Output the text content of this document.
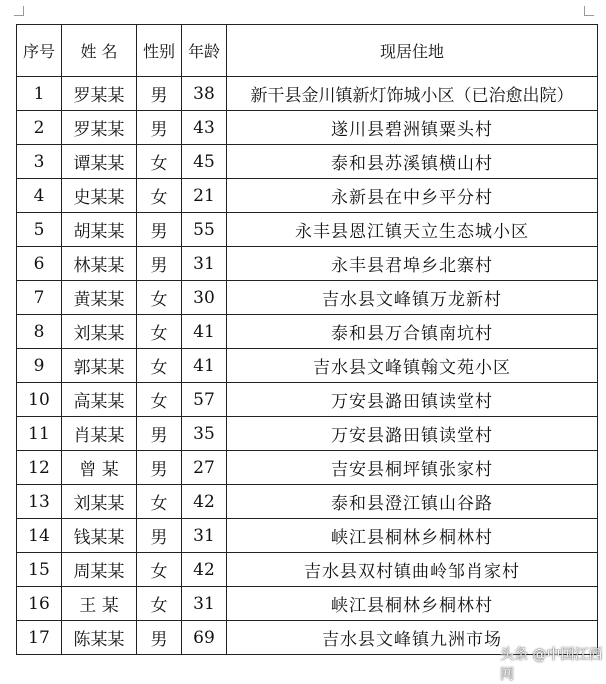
序号	姓 名	性别	年龄	现居住地
1	罗某某	男	38	新干县金川镇新灯饰城小区（已治愈出院）
2	罗某某	男	43	遂川县碧洲镇粟头村
3	谭某某	女	45	泰和县苏溪镇横山村
4	史某某	女	21	永新县在中乡平分村
5	胡某某	男	55	永丰县恩江镇天立生态城小区
6	林某某	男	31	永丰县君埠乡北寨村
7	黄某某	女	30	吉水县文峰镇万龙新村
8	刘某某	女	41	泰和县万合镇南坑村
9	郭某某	女	41	吉水县文峰镇翰文苑小区
10	高某某	女	57	万安县潞田镇读堂村
11	肖某某	男	35	万安县潞田镇读堂村
12	曾 某	男	27	吉安县桐坪镇张家村
13	刘某某	女	42	泰和县澄江镇山谷路
14	钱某某	男	31	峡江县桐林乡桐林村
15	周某某	女	42	吉水县双村镇曲岭邹肖家村
16	王 某	女	31	峡江县桐林乡桐林村
17	陈某某	男	69	吉水县文峰镇九洲市场
头条 @中国江西网
